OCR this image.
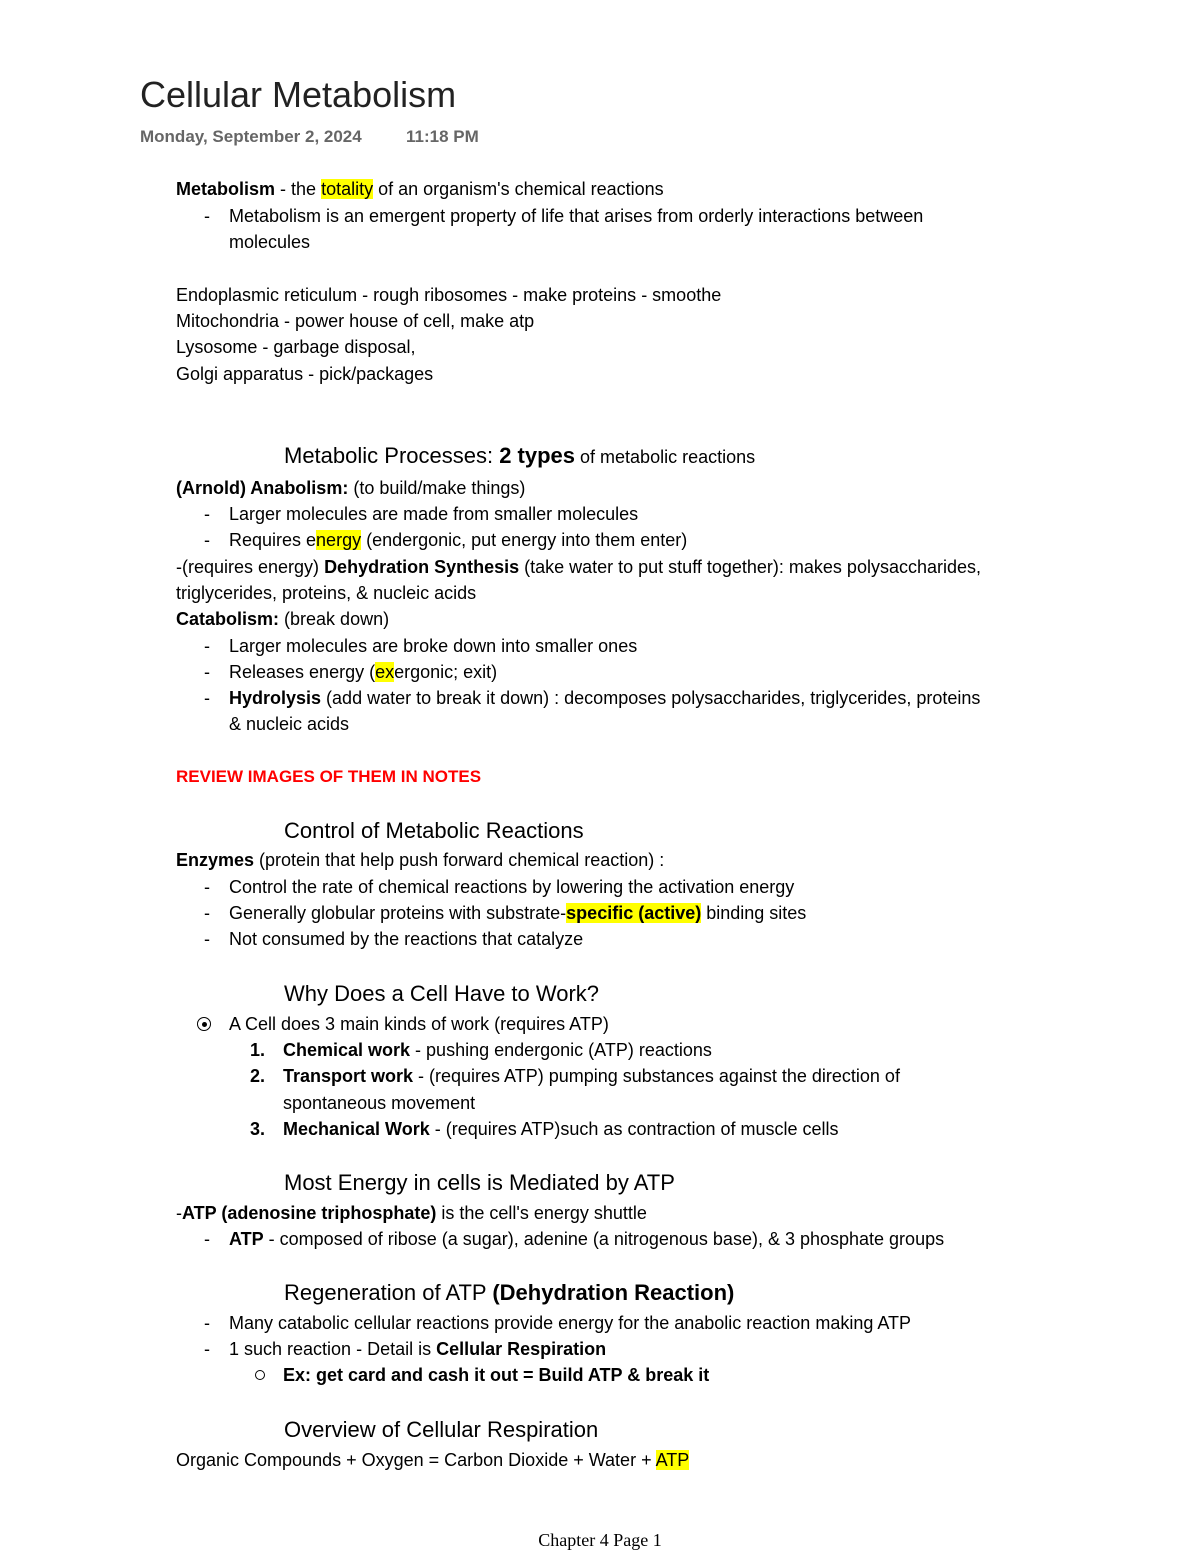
Cellular Metabolism
Monday, September 2, 2024	11:18 PM
Metabolism - the totality of an organism's chemical reactions
- Metabolism is an emergent property of life that arises from orderly interactions between
molecules
Endoplasmic reticulum - rough ribosomes - make proteins - smoothe
Mitochondria - power house of cell, make atp
Lysosome - garbage disposal,
Golgi apparatus - pick/packages
Metabolic Processes: 2 types of metabolic reactions
(Arnold) Anabolism: (to build/make things)
- Larger molecules are made from smaller molecules
- Requires energy (endergonic, put energy into them enter)
-(requires energy) Dehydration Synthesis (take water to put stuff together): makes polysaccharides,
triglycerides, proteins, & nucleic acids
Catabolism: (break down)
- Larger molecules are broke down into smaller ones
- Releases energy (exergonic; exit)
- Hydrolysis (add water to break it down) : decomposes polysaccharides, triglycerides, proteins
& nucleic acids
REVIEW IMAGES OF THEM IN NOTES
Control of Metabolic Reactions
Enzymes (protein that help push forward chemical reaction) :
- Control the rate of chemical reactions by lowering the activation energy
- Generally globular proteins with substrate-specific (active) binding sites
- Not consumed by the reactions that catalyze
Why Does a Cell Have to Work?
A Cell does 3 main kinds of work (requires ATP)
1. Chemical work - pushing endergonic (ATP) reactions
2. Transport work - (requires ATP) pumping substances against the direction of
spontaneous movement
3. Mechanical Work - (requires ATP)such as contraction of muscle cells
Most Energy in cells is Mediated by ATP
-ATP (adenosine triphosphate) is the cell's energy shuttle
- ATP - composed of ribose (a sugar), adenine (a nitrogenous base), & 3 phosphate groups
Regeneration of ATP (Dehydration Reaction)
- Many catabolic cellular reactions provide energy for the anabolic reaction making ATP
- 1 such reaction - Detail is Cellular Respiration
Ex: get card and cash it out = Build ATP & break it
Overview of Cellular Respiration
Organic Compounds + Oxygen = Carbon Dioxide + Water + ATP
Chapter 4 Page 1
